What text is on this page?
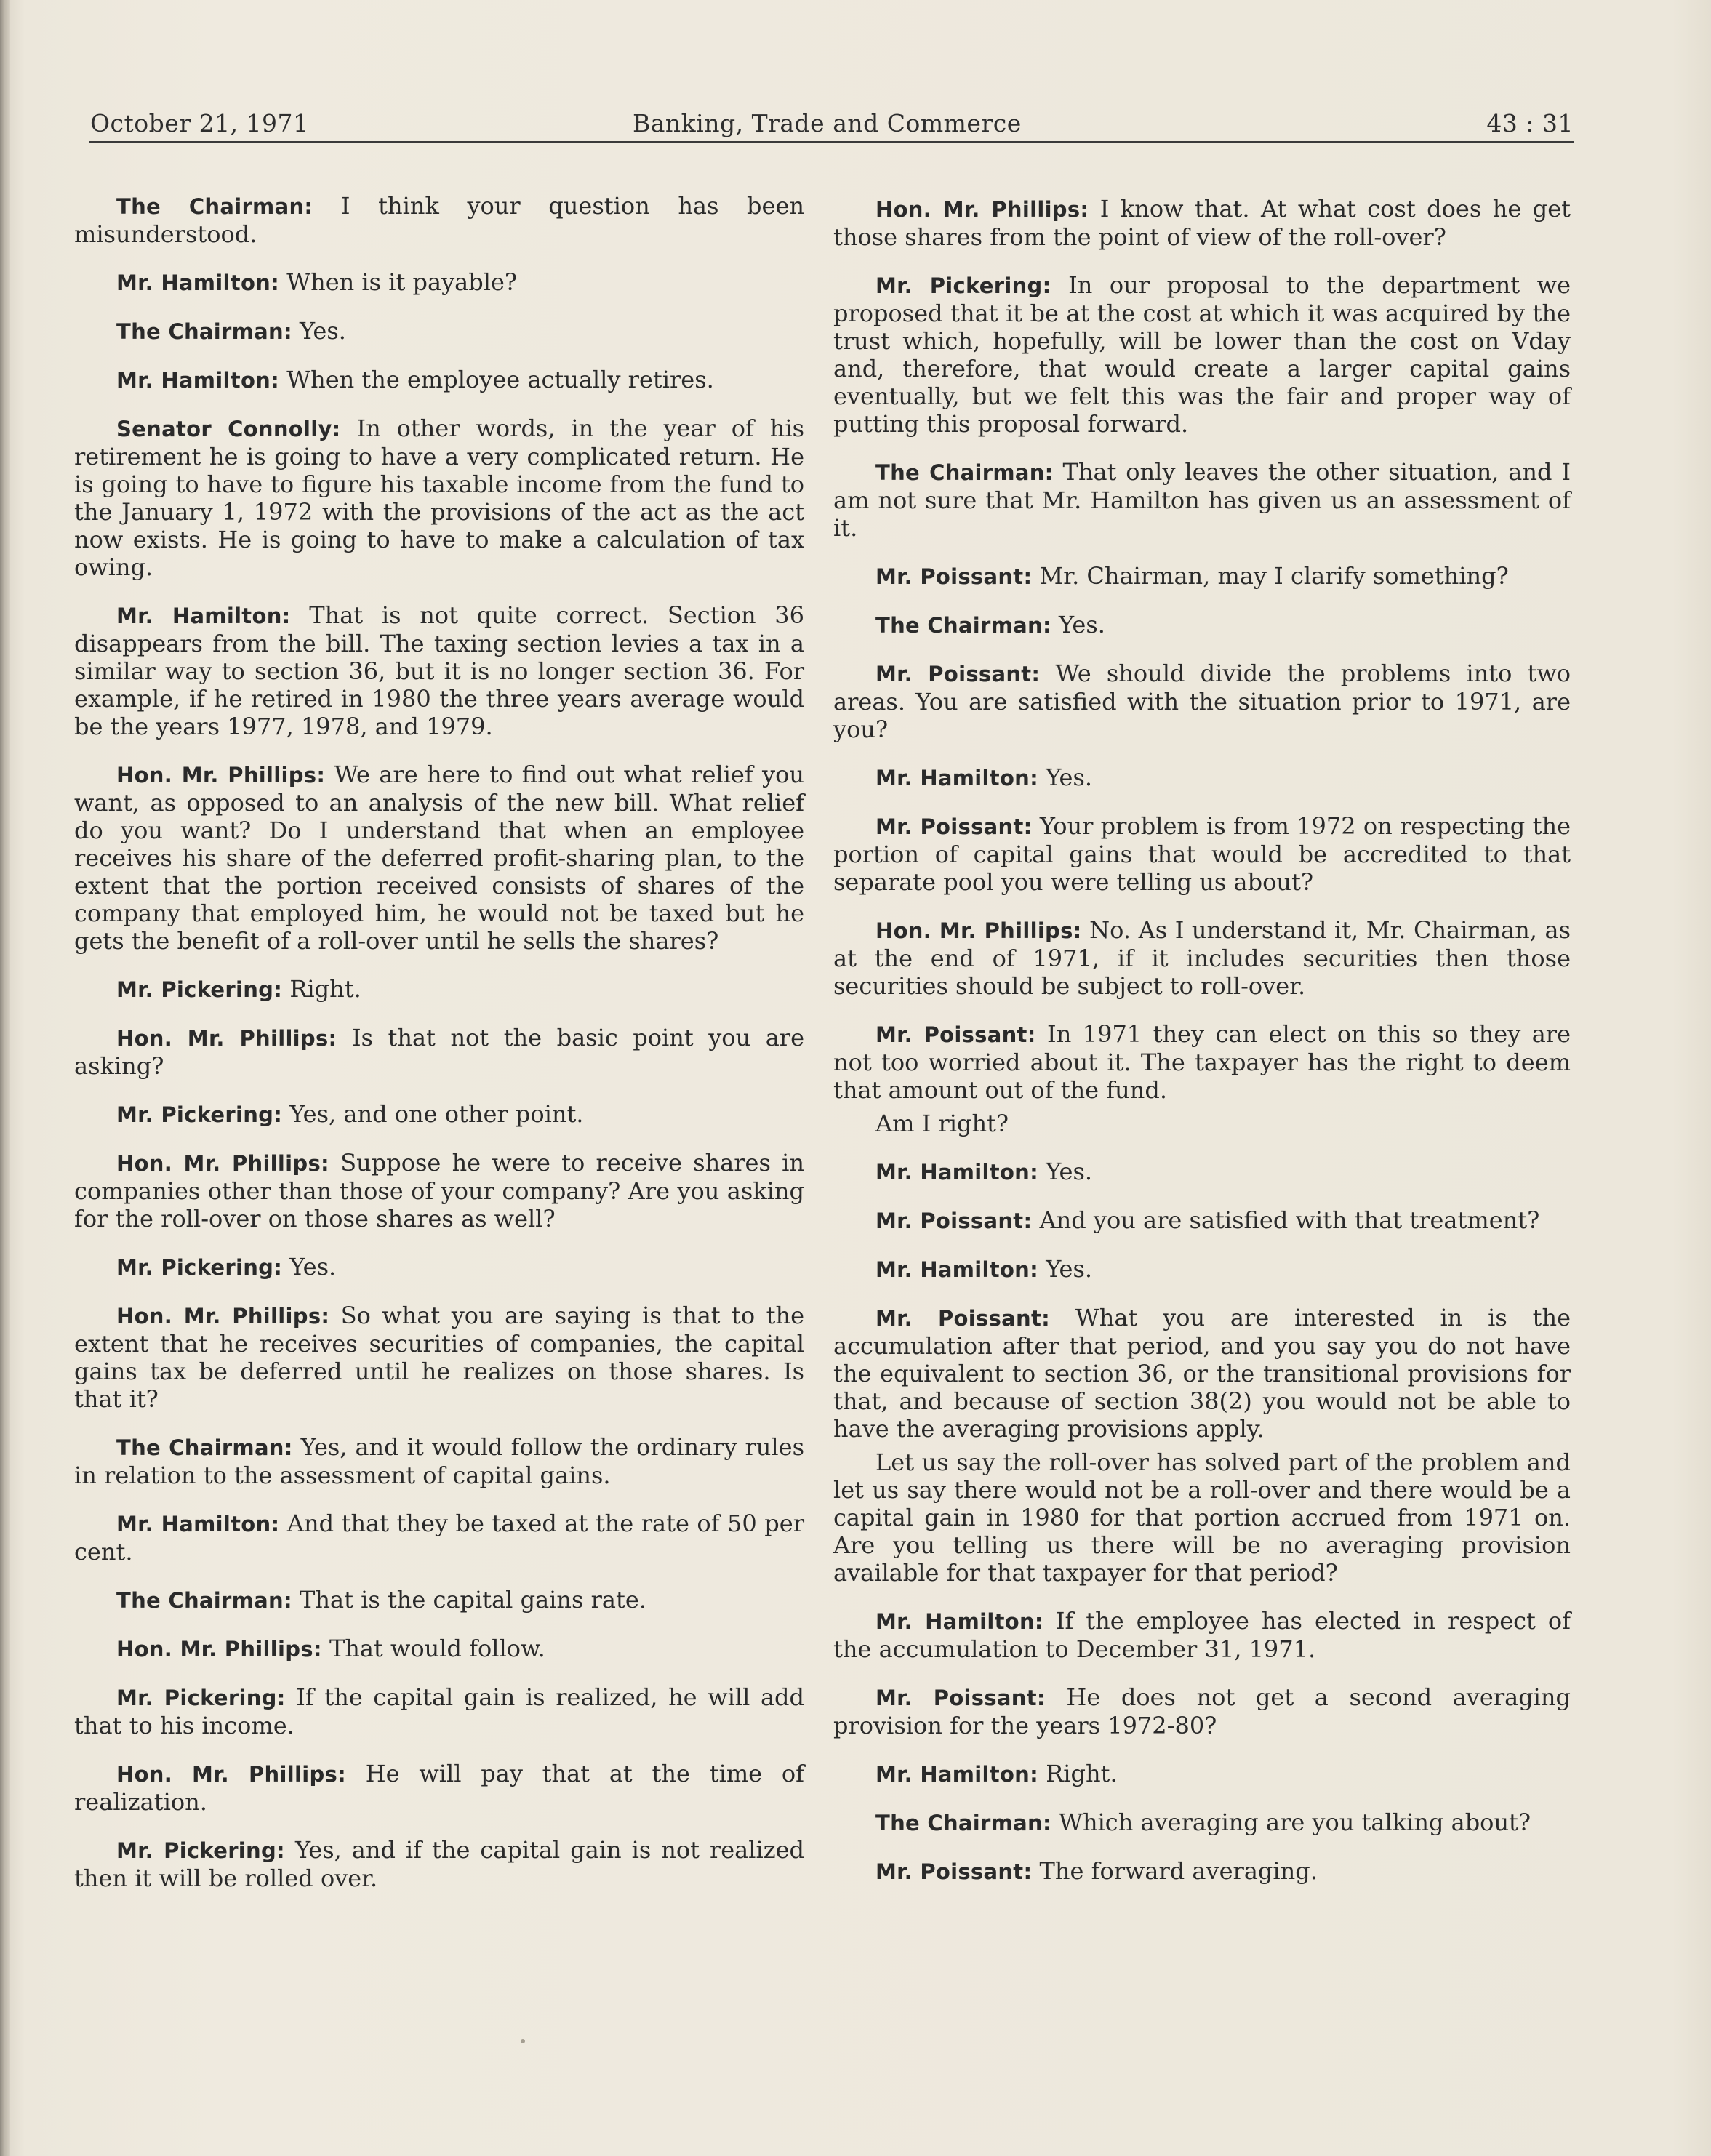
October 21, 1971	Banking, Trade and Commerce	43 : 31

The Chairman: I think your question has been misunderstood.

Mr. Hamilton: When is it payable?

The Chairman: Yes.

Mr. Hamilton: When the employee actually retires.

Senator Connolly: In other words, in the year of his retirement he is going to have a very complicated return. He is going to have to figure his taxable income from the fund to the January 1, 1972 with the provisions of the act as the act now exists. He is going to have to make a calculation of tax owing.

Mr. Hamilton: That is not quite correct. Section 36 disappears from the bill. The taxing section levies a tax in a similar way to section 36, but it is no longer section 36. For example, if he retired in 1980 the three years average would be the years 1977, 1978, and 1979.

Hon. Mr. Phillips: We are here to find out what relief you want, as opposed to an analysis of the new bill. What relief do you want? Do I understand that when an employee receives his share of the deferred profit-sharing plan, to the extent that the portion received consists of shares of the company that employed him, he would not be taxed but he gets the benefit of a roll-over until he sells the shares?

Mr. Pickering: Right.

Hon. Mr. Phillips: Is that not the basic point you are asking?

Mr. Pickering: Yes, and one other point.

Hon. Mr. Phillips: Suppose he were to receive shares in companies other than those of your company? Are you asking for the roll-over on those shares as well?

Mr. Pickering: Yes.

Hon. Mr. Phillips: So what you are saying is that to the extent that he receives securities of companies, the capital gains tax be deferred until he realizes on those shares. Is that it?

The Chairman: Yes, and it would follow the ordinary rules in relation to the assessment of capital gains.

Mr. Hamilton: And that they be taxed at the rate of 50 per cent.

The Chairman: That is the capital gains rate.

Hon. Mr. Phillips: That would follow.

Mr. Pickering: If the capital gain is realized, he will add that to his income.

Hon. Mr. Phillips: He will pay that at the time of realization.

Mr. Pickering: Yes, and if the capital gain is not realized then it will be rolled over.

Hon. Mr. Phillips: I know that. At what cost does he get those shares from the point of view of the roll-over?

Mr. Pickering: In our proposal to the department we proposed that it be at the cost at which it was acquired by the trust which, hopefully, will be lower than the cost on Vday and, therefore, that would create a larger capital gains eventually, but we felt this was the fair and proper way of putting this proposal forward.

The Chairman: That only leaves the other situation, and I am not sure that Mr. Hamilton has given us an assessment of it.

Mr. Poissant: Mr. Chairman, may I clarify something?

The Chairman: Yes.

Mr. Poissant: We should divide the problems into two areas. You are satisfied with the situation prior to 1971, are you?

Mr. Hamilton: Yes.

Mr. Poissant: Your problem is from 1972 on respecting the portion of capital gains that would be accredited to that separate pool you were telling us about?

Hon. Mr. Phillips: No. As I understand it, Mr. Chairman, as at the end of 1971, if it includes securities then those securities should be subject to roll-over.

Mr. Poissant: In 1971 they can elect on this so they are not too worried about it. The taxpayer has the right to deem that amount out of the fund.

Am I right?

Mr. Hamilton: Yes.

Mr. Poissant: And you are satisfied with that treatment?

Mr. Hamilton: Yes.

Mr. Poissant: What you are interested in is the accumulation after that period, and you say you do not have the equivalent to section 36, or the transitional provisions for that, and because of section 38(2) you would not be able to have the averaging provisions apply.

Let us say the roll-over has solved part of the problem and let us say there would not be a roll-over and there would be a capital gain in 1980 for that portion accrued from 1971 on. Are you telling us there will be no averaging provision available for that taxpayer for that period?

Mr. Hamilton: If the employee has elected in respect of the accumulation to December 31, 1971.

Mr. Poissant: He does not get a second averaging provision for the years 1972-80?

Mr. Hamilton: Right.

The Chairman: Which averaging are you talking about?

Mr. Poissant: The forward averaging.
